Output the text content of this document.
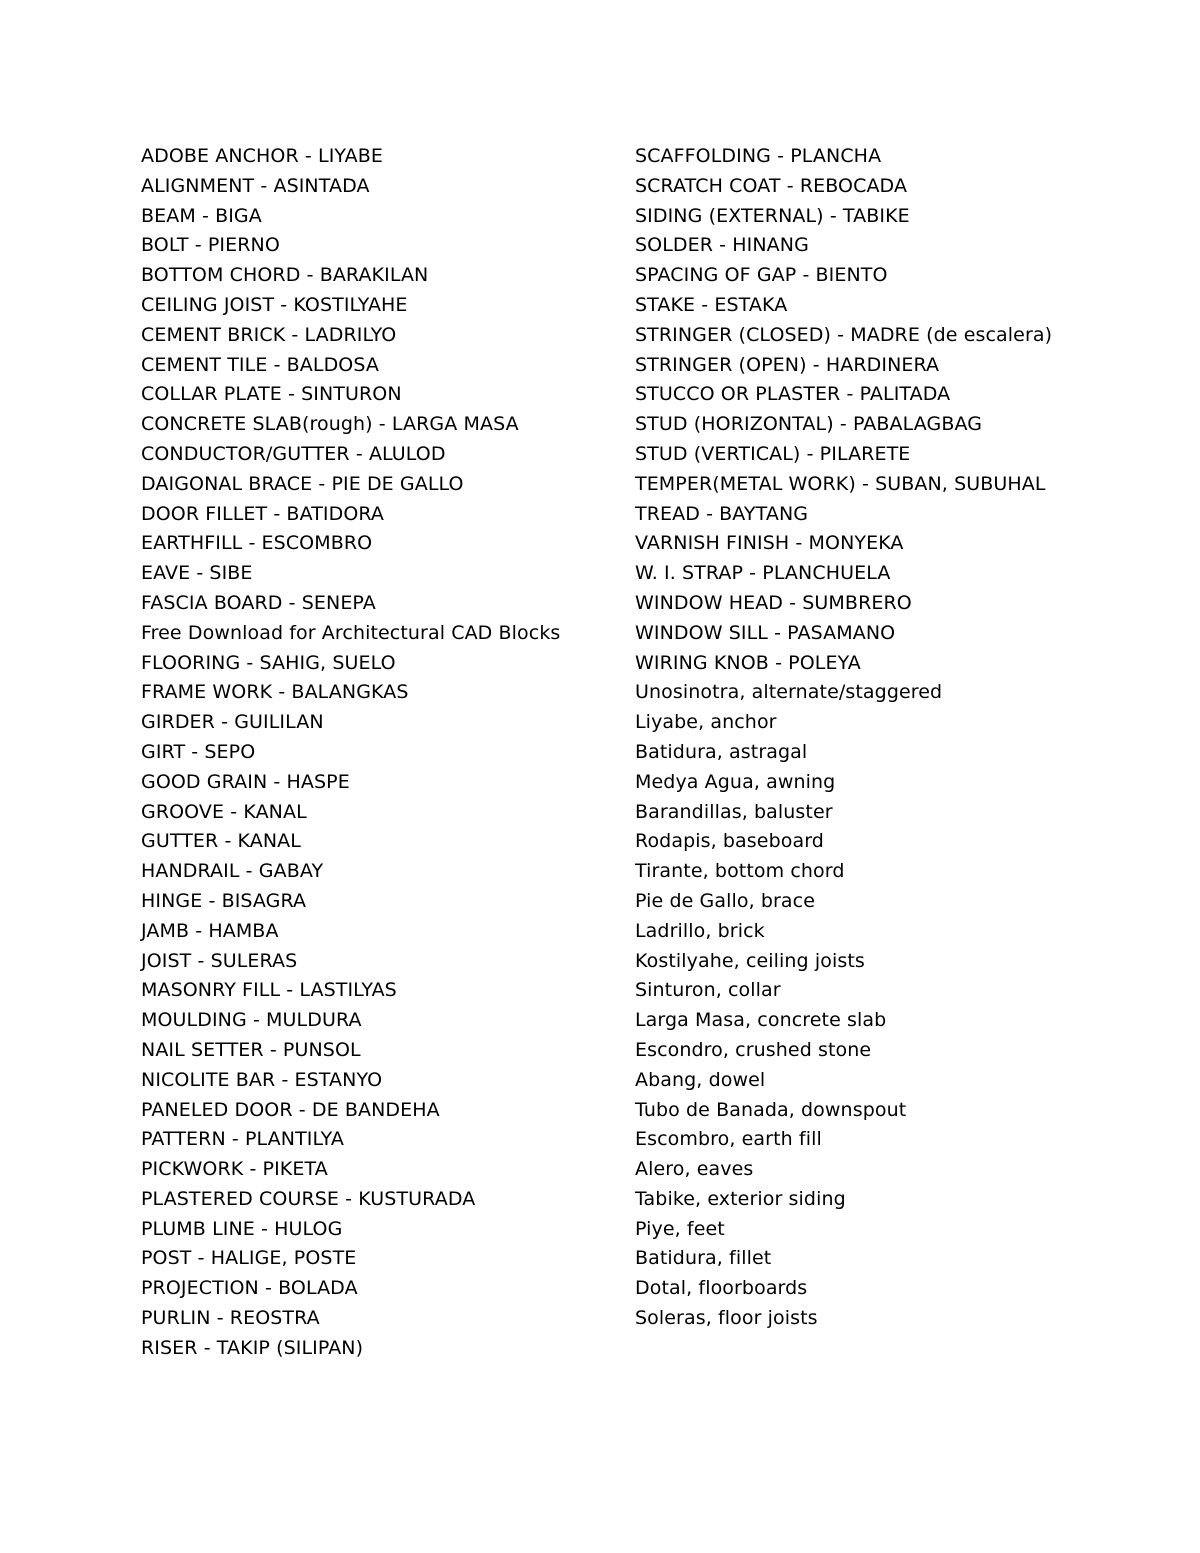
ADOBE ANCHOR - LIYABE
ALIGNMENT - ASINTADA
BEAM - BIGA
BOLT - PIERNO
BOTTOM CHORD - BARAKILAN
CEILING JOIST - KOSTILYAHE
CEMENT BRICK - LADRILYO
CEMENT TILE - BALDOSA
COLLAR PLATE - SINTURON
CONCRETE SLAB(rough) - LARGA MASA
CONDUCTOR/GUTTER - ALULOD
DAIGONAL BRACE - PIE DE GALLO
DOOR FILLET - BATIDORA
EARTHFILL - ESCOMBRO
EAVE - SIBE
FASCIA BOARD - SENEPA
Free Download for Architectural CAD Blocks
FLOORING - SAHIG, SUELO
FRAME WORK - BALANGKAS
GIRDER - GUILILAN
GIRT - SEPO
GOOD GRAIN - HASPE
GROOVE - KANAL
GUTTER - KANAL
HANDRAIL - GABAY
HINGE - BISAGRA
JAMB - HAMBA
JOIST - SULERAS
MASONRY FILL - LASTILYAS
MOULDING - MULDURA
NAIL SETTER - PUNSOL
NICOLITE BAR - ESTANYO
PANELED DOOR - DE BANDEHA
PATTERN - PLANTILYA
PICKWORK - PIKETA
PLASTERED COURSE - KUSTURADA
PLUMB LINE - HULOG
POST - HALIGE, POSTE
PROJECTION - BOLADA
PURLIN - REOSTRA
RISER - TAKIP (SILIPAN)
SCAFFOLDING - PLANCHA
SCRATCH COAT - REBOCADA
SIDING (EXTERNAL) - TABIKE
SOLDER - HINANG
SPACING OF GAP - BIENTO
STAKE - ESTAKA
STRINGER (CLOSED) - MADRE (de escalera)
STRINGER (OPEN) - HARDINERA
STUCCO OR PLASTER - PALITADA
STUD (HORIZONTAL) - PABALAGBAG
STUD (VERTICAL) - PILARETE
TEMPER(METAL WORK) - SUBAN, SUBUHAL
TREAD - BAYTANG
VARNISH FINISH - MONYEKA
W. I. STRAP - PLANCHUELA
WINDOW HEAD - SUMBRERO
WINDOW SILL - PASAMANO
WIRING KNOB - POLEYA
Unosinotra, alternate/staggered
Liyabe, anchor
Batidura, astragal
Medya Agua, awning
Barandillas, baluster
Rodapis, baseboard
Tirante, bottom chord
Pie de Gallo, brace
Ladrillo, brick
Kostilyahe, ceiling joists
Sinturon, collar
Larga Masa, concrete slab
Escondro, crushed stone
Abang, dowel
Tubo de Banada, downspout
Escombro, earth fill
Alero, eaves
Tabike, exterior siding
Piye, feet
Batidura, fillet
Dotal, floorboards
Soleras, floor joists
